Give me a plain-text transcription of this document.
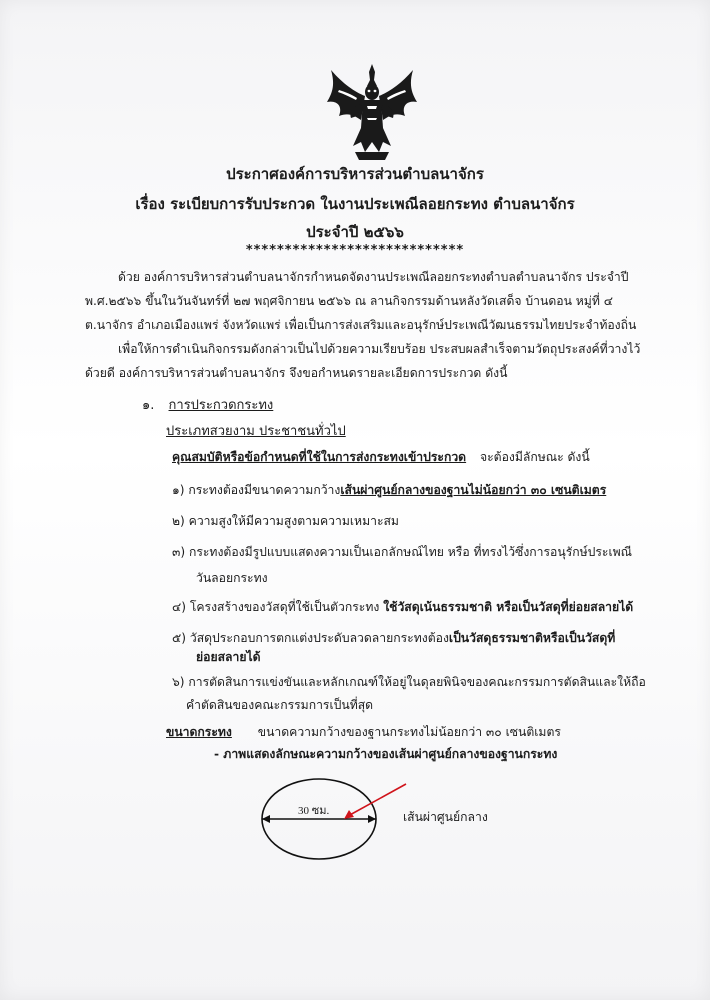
ประกาศองค์การบริหารส่วนตำบลนาจักร
เรื่อง ระเบียบการรับประกวด ในงานประเพณีลอยกระทง ตำบลนาจักร
ประจำปี ๒๕๖๖
****************************
ด้วย องค์การบริหารส่วนตำบลนาจักรกำหนดจัดงานประเพณีลอยกระทงตำบลตำบลนาจักร ประจำปี
พ.ศ.๒๕๖๖ ขึ้นในวันจันทร์ที่ ๒๗ พฤศจิกายน ๒๕๖๖ ณ ลานกิจกรรมด้านหลังวัดเสด็จ บ้านดอน หมู่ที่ ๔
ต.นาจักร อำเภอเมืองแพร่ จังหวัดแพร่ เพื่อเป็นการส่งเสริมและอนุรักษ์ประเพณีวัฒนธรรมไทยประจำท้องถิ่น
เพื่อให้การดำเนินกิจกรรมดังกล่าวเป็นไปด้วยความเรียบร้อย ประสบผลสำเร็จตามวัตถุประสงค์ที่วางไว้
ด้วยดี องค์การบริหารส่วนตำบลนาจักร จึงขอกำหนดรายละเอียดการประกวด ดังนี้
๑. การประกวดกระทง
ประเภทสวยงาม ประชาชนทั่วไป
คุณสมบัติหรือข้อกำหนดที่ใช้ในการส่งกระทงเข้าประกวด จะต้องมีลักษณะ ดังนี้
๑) กระทงต้องมีขนาดความกว้างเส้นผ่าศูนย์กลางของฐานไม่น้อยกว่า ๓๐ เซนติเมตร
๒) ความสูงให้มีความสูงตามความเหมาะสม
๓) กระทงต้องมีรูปแบบแสดงความเป็นเอกลักษณ์ไทย หรือ ที่ทรงไว้ซึ่งการอนุรักษ์ประเพณี
วันลอยกระทง
๔) โครงสร้างของวัสดุที่ใช้เป็นตัวกระทง ใช้วัสดุเน้นธรรมชาติ หรือเป็นวัสดุที่ย่อยสลายได้
๕) วัสดุประกอบการตกแต่งประดับลวดลายกระทงต้องเป็นวัสดุธรรมชาติหรือเป็นวัสดุที่
ย่อยสลายได้
๖) การตัดสินการแข่งขันและหลักเกณฑ์ให้อยู่ในดุลยพินิจของคณะกรรมการตัดสินและให้ถือ
คำตัดสินของคณะกรรมการเป็นที่สุด
ขนาดกระทง ขนาดความกว้างของฐานกระทงไม่น้อยกว่า ๓๐ เซนติเมตร
- ภาพแสดงลักษณะความกว้างของเส้นผ่าศูนย์กลางของฐานกระทง
30 ซม.	เส้นผ่าศูนย์กลาง
